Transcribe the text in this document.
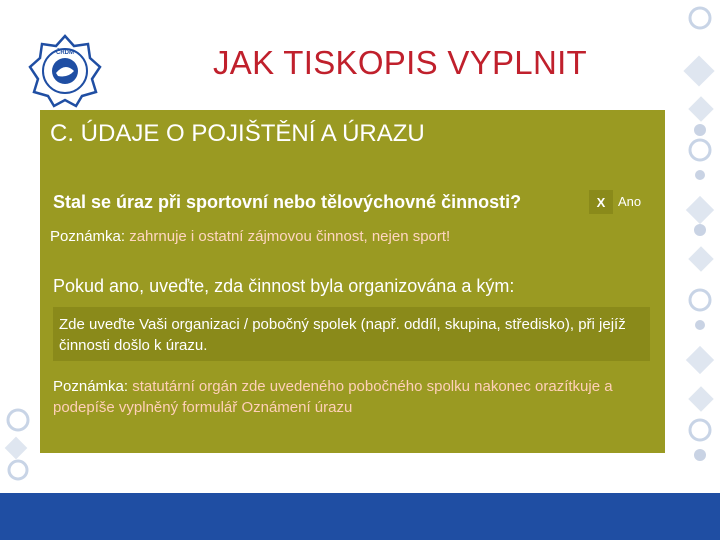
ČRDM	JAK TISKOPIS VYPLNIT
C. ÚDAJE O POJIŠTĚNÍ A ÚRAZU
Stal se úraz při sportovní nebo tělovýchovné činnosti?	X Ano
Poznámka: zahrnuje i ostatní zájmovou činnost, nejen sport!
Pokud ano, uveďte, zda činnost byla organizována a kým:
Zde uveďte Vaši organizaci / pobočný spolek (např. oddíl, skupina, středisko), při jejíž činnosti došlo k úrazu.
Poznámka: statutární orgán zde uvedeného pobočného spolku nakonec orazítkuje a podepíše vyplněný formulář Oznámení úrazu
